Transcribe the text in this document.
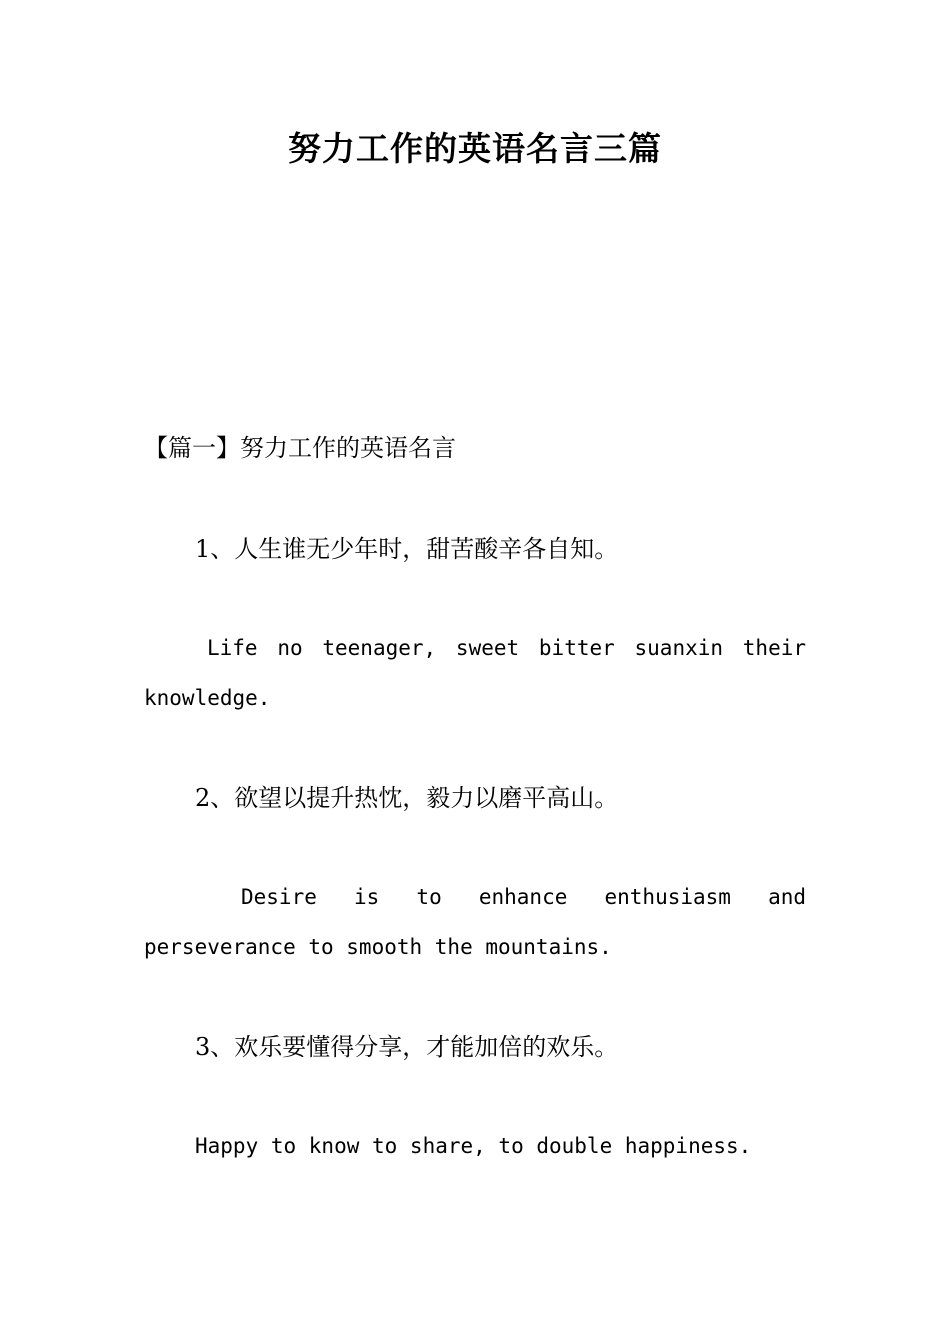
努力工作的英语名言三篇
【篇一】努力工作的英语名言
1、人生谁无少年时，甜苦酸辛各自知。
Life no teenager, sweet bitter suanxin their knowledge.
2、欲望以提升热忱，毅力以磨平高山。
Desire is to enhance enthusiasm and perseverance to smooth the mountains.
3、欢乐要懂得分享，才能加倍的欢乐。
Happy to know to share, to double happiness.
